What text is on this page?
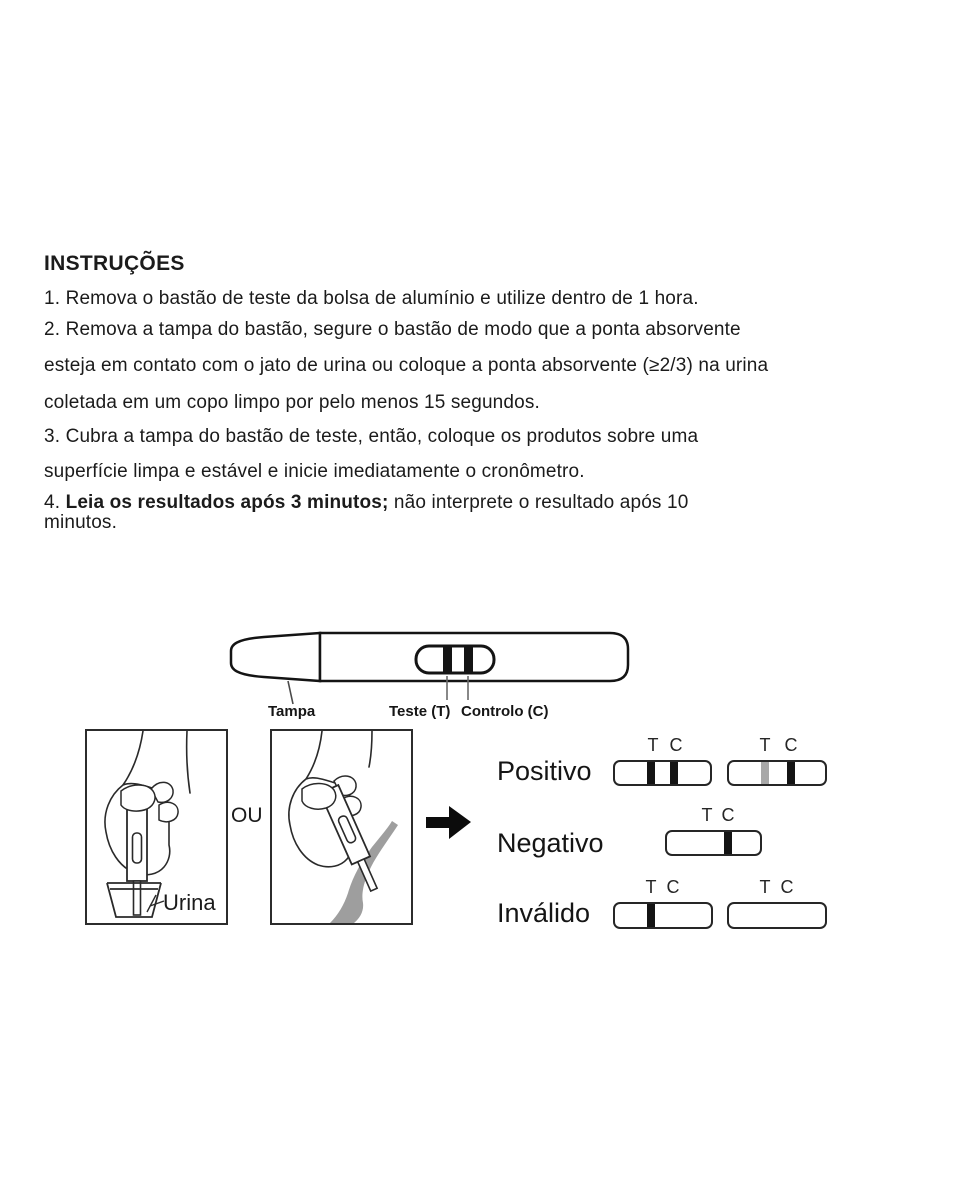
INSTRUÇÕES
1. Remova o bastão de teste da bolsa de alumínio e utilize dentro de 1 hora.
2. Remova a tampa do bastão, segure o bastão de modo que a ponta absorvente
esteja em contato com o jato de urina ou coloque a ponta absorvente (≥2/3) na urina
coletada em um copo limpo por pelo menos 15 segundos.
3. Cubra a tampa do bastão de teste, então, coloque os produtos sobre uma
superfície limpa e estável e inicie imediatamente o cronômetro.
4. Leia os resultados após 3 minutos; não interprete o resultado após 10
minutos.
Tampa	Teste (T) Controlo (C)
Urina
OU
Positivo
T C	T C
Negativo
T C
Inválido
T C	T C
